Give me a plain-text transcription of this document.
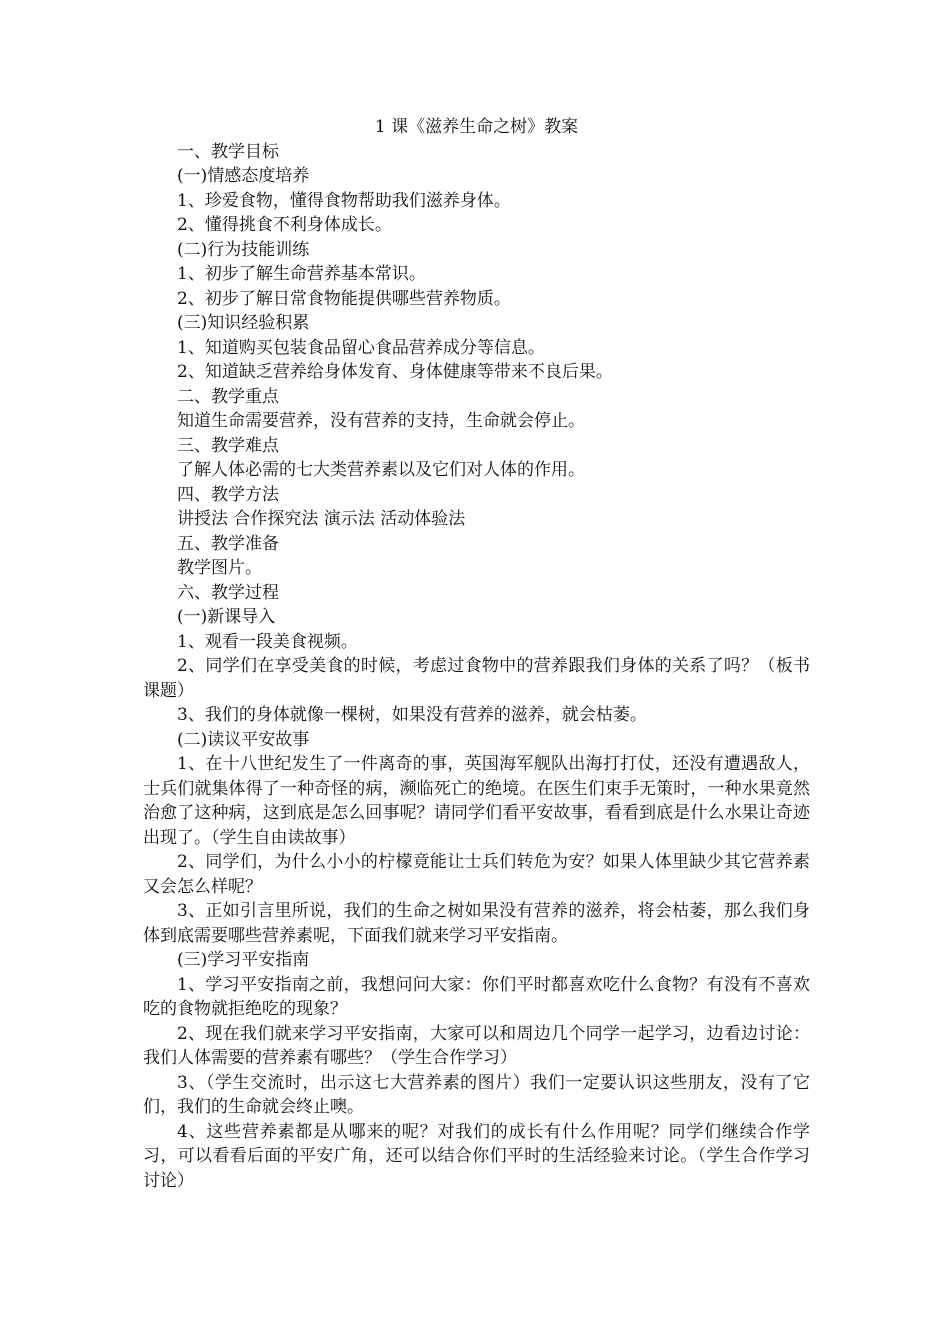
1 课《滋养生命之树》教案

一、教学目标

(一)情感态度培养

1、珍爱食物，懂得食物帮助我们滋养身体。

2、懂得挑食不利身体成长。

(二)行为技能训练

1、初步了解生命营养基本常识。

2、初步了解日常食物能提供哪些营养物质。

(三)知识经验积累

1、知道购买包装食品留心食品营养成分等信息。

2、知道缺乏营养给身体发育、身体健康等带来不良后果。

二、教学重点

知道生命需要营养，没有营养的支持，生命就会停止。

三、教学难点

了解人体必需的七大类营养素以及它们对人体的作用。

四、教学方法

讲授法 合作探究法 演示法 活动体验法

五、教学准备

教学图片。

六、教学过程

(一)新课导入

1、观看一段美食视频。

2、同学们在享受美食的时候，考虑过食物中的营养跟我们身体的关系了吗？（板书课题）

3、我们的身体就像一棵树，如果没有营养的滋养，就会枯萎。

(二)读议平安故事

1、在十八世纪发生了一件离奇的事，英国海军舰队出海打打仗，还没有遭遇敌人，士兵们就集体得了一种奇怪的病，濒临死亡的绝境。在医生们束手无策时，一种水果竟然治愈了这种病，这到底是怎么回事呢？请同学们看平安故事，看看到底是什么水果让奇迹出现了。（学生自由读故事）

2、同学们，为什么小小的柠檬竟能让士兵们转危为安？如果人体里缺少其它营养素又会怎么样呢？

3、正如引言里所说，我们的生命之树如果没有营养的滋养，将会枯萎，那么我们身体到底需要哪些营养素呢，下面我们就来学习平安指南。

(三)学习平安指南

1、学习平安指南之前，我想问问大家：你们平时都喜欢吃什么食物？有没有不喜欢吃的食物就拒绝吃的现象？

2、现在我们就来学习平安指南，大家可以和周边几个同学一起学习，边看边讨论：我们人体需要的营养素有哪些？（学生合作学习）

3、（学生交流时，出示这七大营养素的图片）我们一定要认识这些朋友，没有了它们，我们的生命就会终止噢。

4、这些营养素都是从哪来的呢？对我们的成长有什么作用呢？同学们继续合作学习，可以看看后面的平安广角，还可以结合你们平时的生活经验来讨论。（学生合作学习讨论）
